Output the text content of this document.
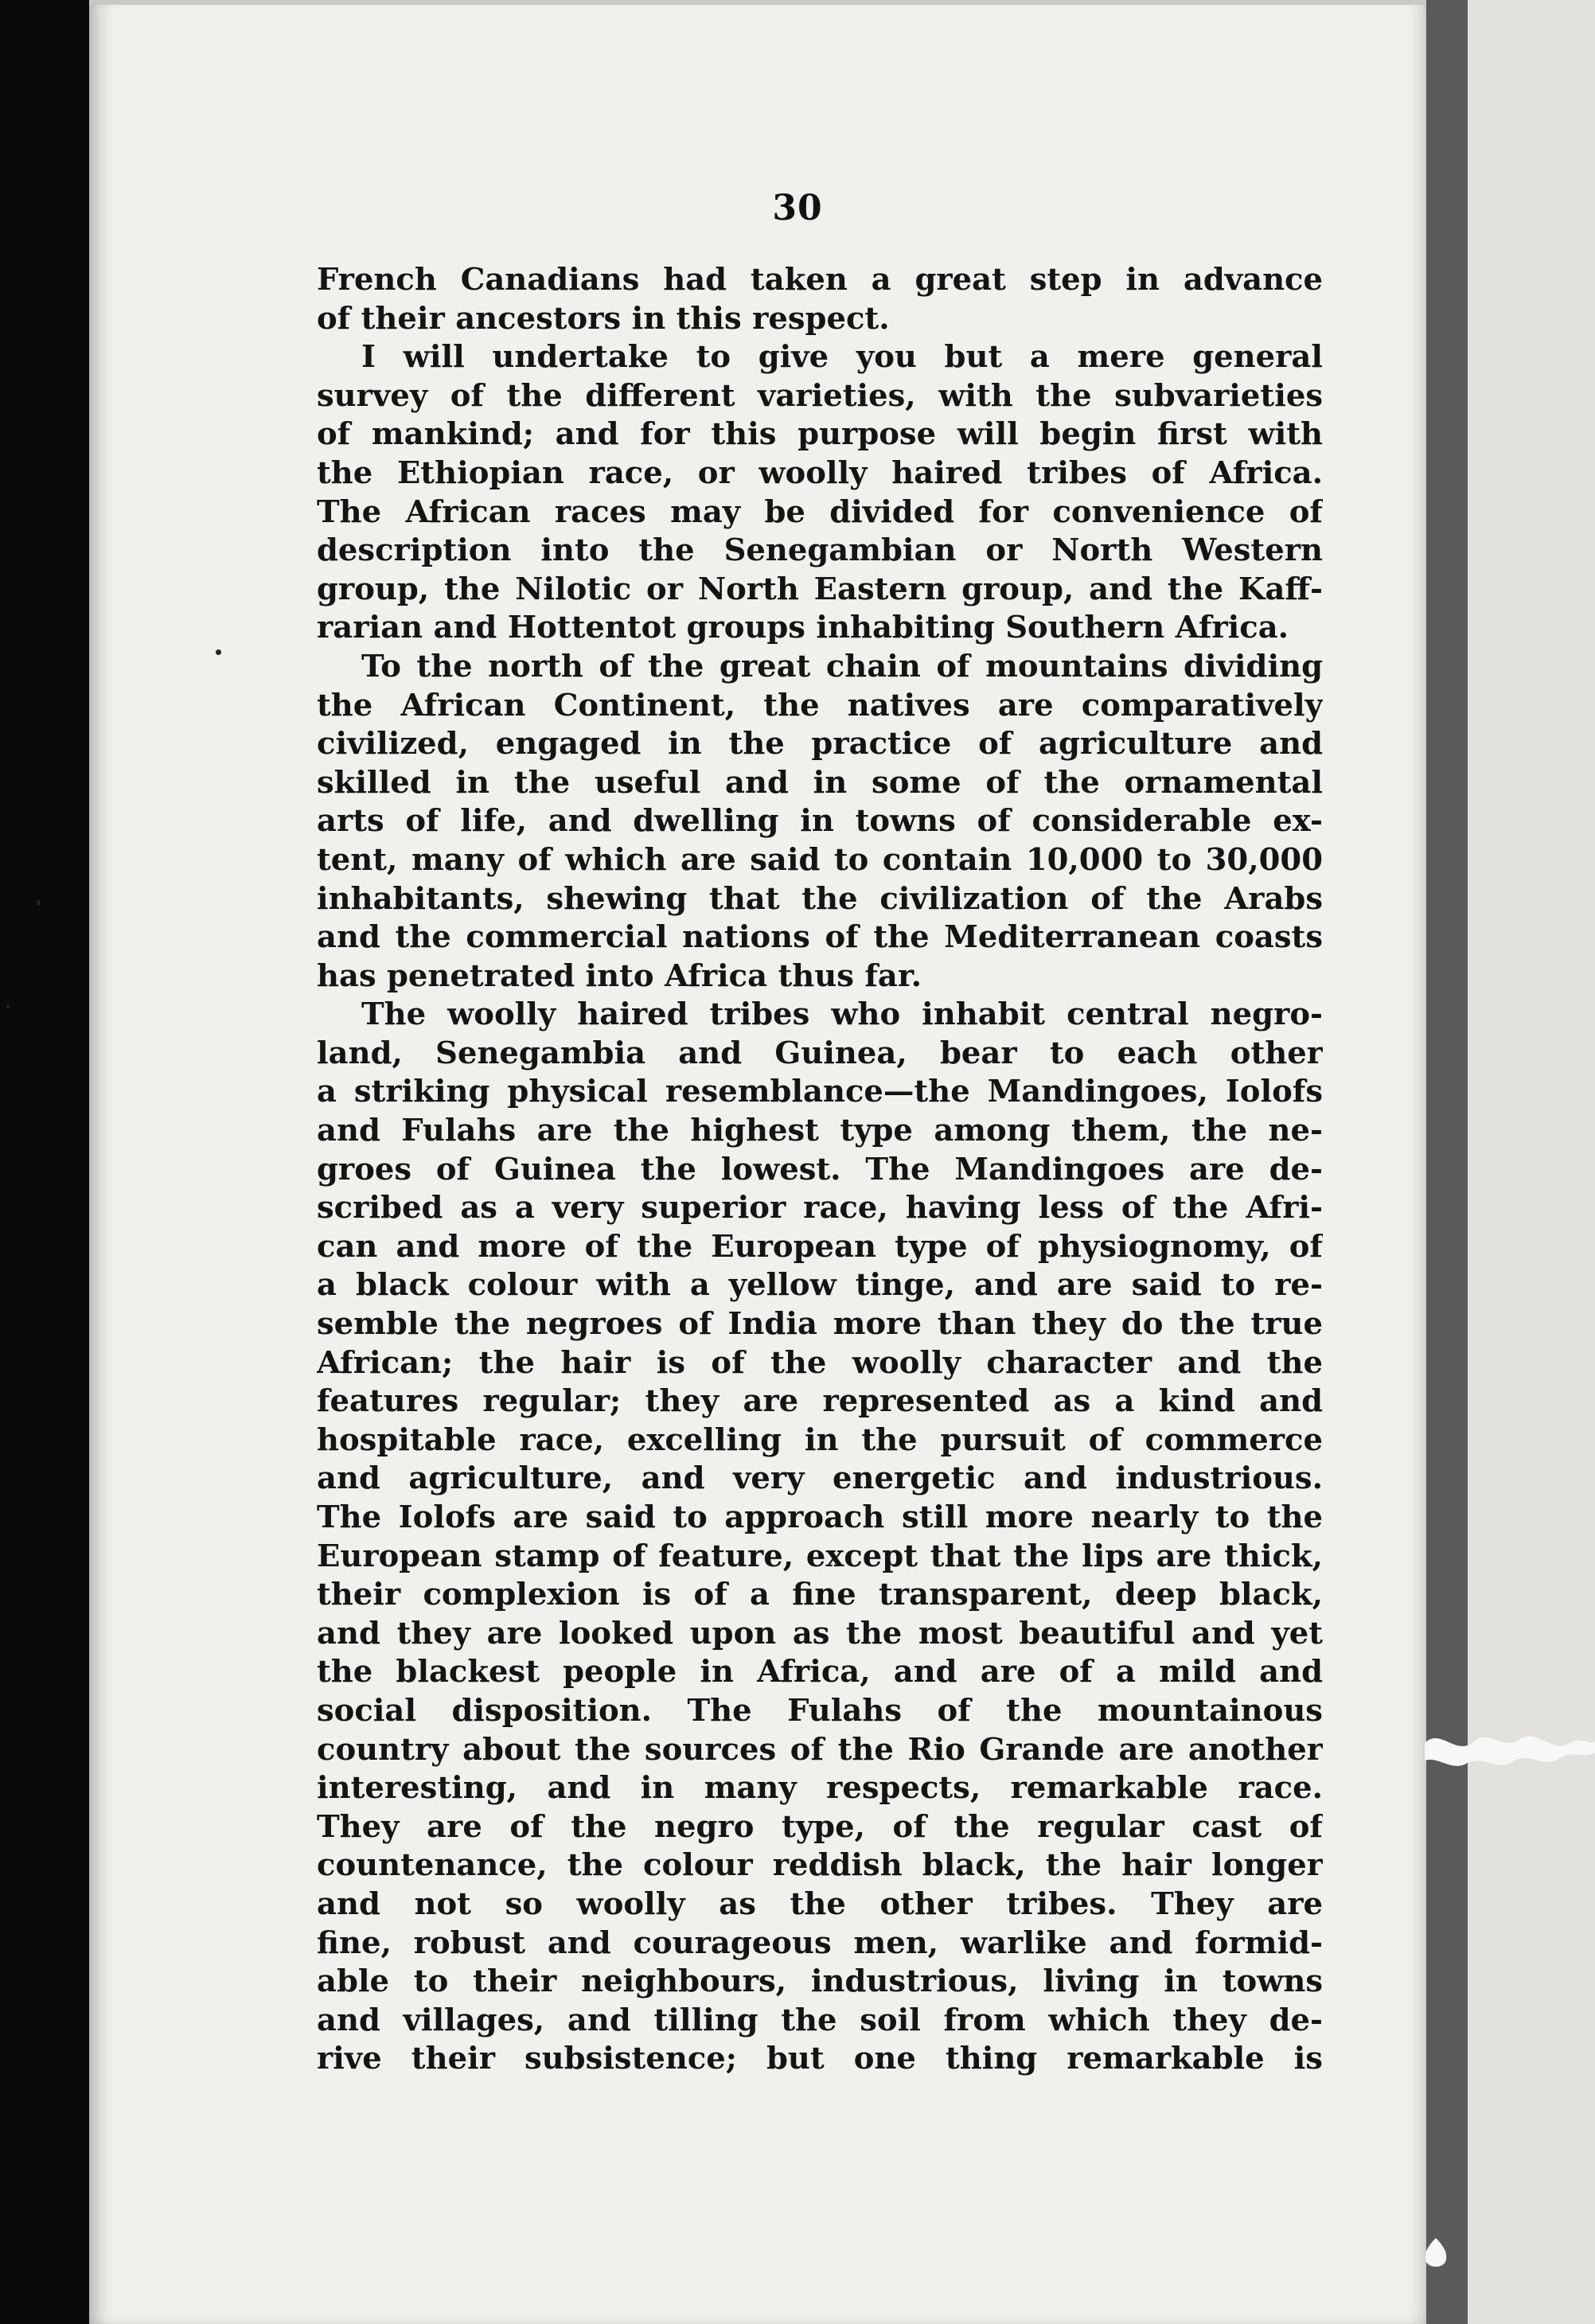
30
French Canadians had taken a great step in advance
of their ancestors in this respect.
I will undertake to give you but a mere general
survey of the different varieties, with the subvarieties
of mankind; and for this purpose will begin first with
the Ethiopian race, or woolly haired tribes of Africa.
The African races may be divided for convenience of
description into the Senegambian or North Western
group, the Nilotic or North Eastern group, and the Kaff-
rarian and Hottentot groups inhabiting Southern Africa.
To the north of the great chain of mountains dividing
the African Continent, the natives are comparatively
civilized, engaged in the practice of agriculture and
skilled in the useful and in some of the ornamental
arts of life, and dwelling in towns of considerable ex-
tent, many of which are said to contain 10,000 to 30,000
inhabitants, shewing that the civilization of the Arabs
and the commercial nations of the Mediterranean coasts
has penetrated into Africa thus far.
The woolly haired tribes who inhabit central negro-
land, Senegambia and Guinea, bear to each other
a striking physical resemblance—the Mandingoes, Iolofs
and Fulahs are the highest type among them, the ne-
groes of Guinea the lowest. The Mandingoes are de-
scribed as a very superior race, having less of the Afri-
can and more of the European type of physiognomy, of
a black colour with a yellow tinge, and are said to re-
semble the negroes of India more than they do the true
African; the hair is of the woolly character and the
features regular; they are represented as a kind and
hospitable race, excelling in the pursuit of commerce
and agriculture, and very energetic and industrious.
The Iolofs are said to approach still more nearly to the
European stamp of feature, except that the lips are thick,
their complexion is of a fine transparent, deep black,
and they are looked upon as the most beautiful and yet
the blackest people in Africa, and are of a mild and
social disposition. The Fulahs of the mountainous
country about the sources of the Rio Grande are another
interesting, and in many respects, remarkable race.
They are of the negro type, of the regular cast of
countenance, the colour reddish black, the hair longer
and not so woolly as the other tribes. They are
fine, robust and courageous men, warlike and formid-
able to their neighbours, industrious, living in towns
and villages, and tilling the soil from which they de-
rive their subsistence; but one thing remarkable is
